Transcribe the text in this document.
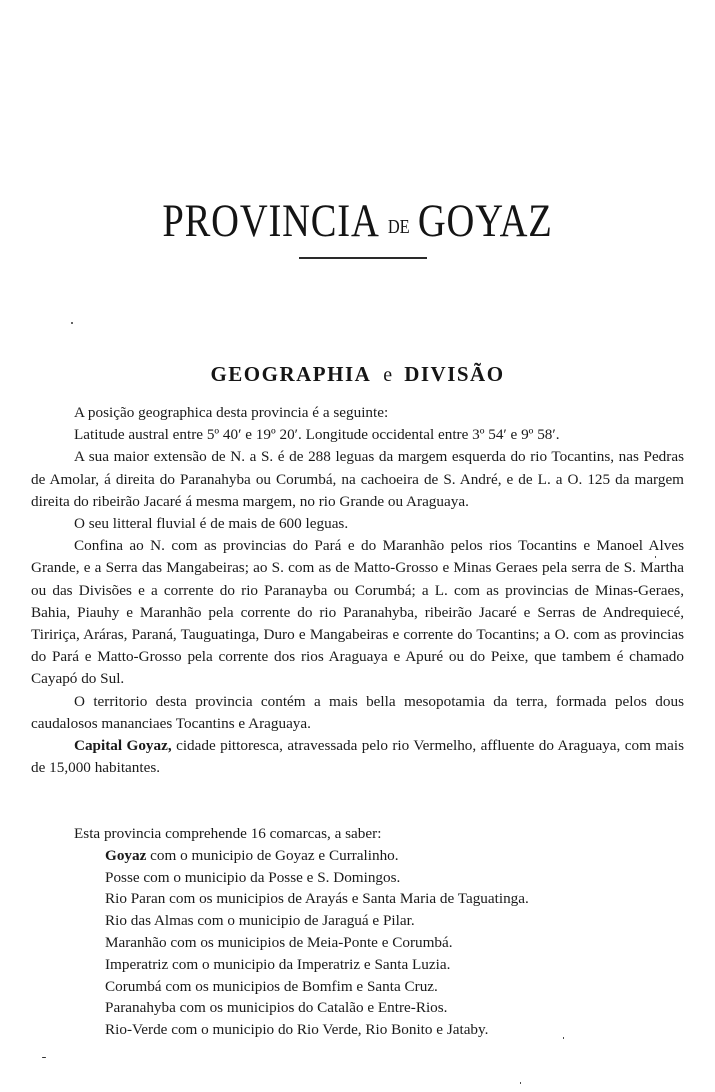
PROVINCIA DE GOYAZ
GEOGRAPHIA e DIVISÃO

A posição geographica desta provincia é a seguinte:

Latitude austral entre 5º 40′ e 19º 20′. Longitude occidental entre 3º 54′ e 9º 58′.

A sua maior extensão de N. a S. é de 288 leguas da margem esquerda do rio Tocantins, nas Pedras de Amolar, á direita do Paranahyba ou Corumbá, na cachoeira de S. André, e de L. a O. 125 da margem direita do ribeirão Jacaré á mesma margem, no rio Grande ou Araguaya.

O seu litteral fluvial é de mais de 600 leguas.

Confina ao N. com as provincias do Pará e do Maranhão pelos rios Tocantins e Manoel Alves Grande, e a Serra das Mangabeiras; ao S. com as de Matto-Grosso e Minas Geraes pela serra de S. Martha ou das Divisões e a corrente do rio Paranayba ou Corumbá; a L. com as provincias de Minas-Geraes, Bahia, Piauhy e Maranhão pela corrente do rio Paranahyba, ribeirão Jacaré e Serras de Andrequiecé, Tiririça, Aráras, Paraná, Tauguatinga, Duro e Mangabeiras e corrente do Tocantins; a O. com as provincias do Pará e Matto-Grosso pela corrente dos rios Araguaya e Apuré ou do Peixe, que tambem é chamado Cayapó do Sul.

O territorio desta provincia contém a mais bella mesopotamia da terra, formada pelos dous caudalosos mananciaes Tocantins e Araguaya.

Capital Goyaz, cidade pittoresca, atravessada pelo rio Vermelho, affluente do Araguaya, com mais de 15,000 habitantes.

Esta provincia comprehende 16 comarcas, a saber:

Goyaz com o municipio de Goyaz e Curralinho.
Posse com o municipio da Posse e S. Domingos.
Rio Paran com os municipios de Arayás e Santa Maria de Taguatinga.
Rio das Almas com o municipio de Jaraguá e Pilar.
Maranhão com os municipios de Meia-Ponte e Corumbá.
Imperatriz com o municipio da Imperatriz e Santa Luzia.
Corumbá com os municipios de Bomfim e Santa Cruz.
Paranahyba com os municipios do Catalão e Entre-Rios.
Rio-Verde com o municipio do Rio Verde, Rio Bonito e Jataby.
